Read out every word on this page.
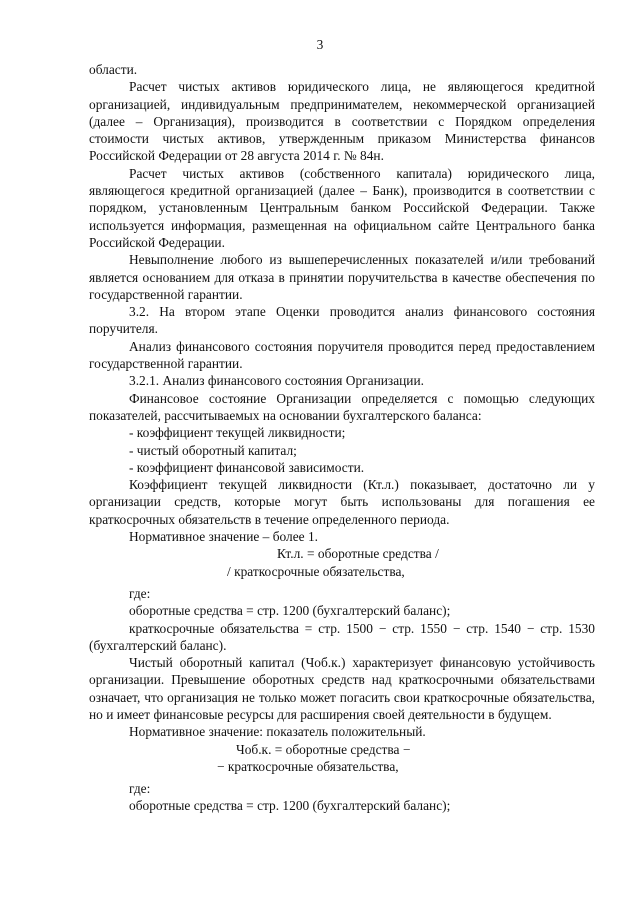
3

области.

Расчет чистых активов юридического лица, не являющегося кредитной организацией, индивидуальным предпринимателем, некоммерческой организацией (далее – Организация), производится в соответствии с Порядком определения стоимости чистых активов, утвержденным приказом Министерства финансов Российской Федерации от 28 августа 2014 г. № 84н.

Расчет чистых активов (собственного капитала) юридического лица, являющегося кредитной организацией (далее – Банк), производится в соответствии с порядком, установленным Центральным банком Российской Федерации. Также используется информация, размещенная на официальном сайте Центрального банка Российской Федерации.

Невыполнение любого из вышеперечисленных показателей и/или требований является основанием для отказа в принятии поручительства в качестве обеспечения по государственной гарантии.

3.2. На втором этапе Оценки проводится анализ финансового состояния поручителя.

Анализ финансового состояния поручителя проводится перед предоставлением государственной гарантии.

3.2.1. Анализ финансового состояния Организации.

Финансовое состояние Организации определяется с помощью следующих показателей, рассчитываемых на основании бухгалтерского баланса:

- коэффициент текущей ликвидности;

- чистый оборотный капитал;

- коэффициент финансовой зависимости.

Коэффициент текущей ликвидности (Кт.л.) показывает, достаточно ли у организации средств, которые могут быть использованы для погашения ее краткосрочных обязательств в течение определенного периода.

Нормативное значение – более 1.

Кт.л. = оборотные средства /

/ краткосрочные обязательства,

где:

оборотные средства = стр. 1200 (бухгалтерский баланс);

краткосрочные обязательства = стр. 1500 − стр. 1550 − стр. 1540 − стр. 1530 (бухгалтерский баланс).

Чистый оборотный капитал (Чоб.к.) характеризует финансовую устойчивость организации. Превышение оборотных средств над краткосрочными обязательствами означает, что организация не только может погасить свои краткосрочные обязательства, но и имеет финансовые ресурсы для расширения своей деятельности в будущем.

Нормативное значение: показатель положительный.

Чоб.к. = оборотные средства −

− краткосрочные обязательства,

где:

оборотные средства = стр. 1200 (бухгалтерский баланс);
